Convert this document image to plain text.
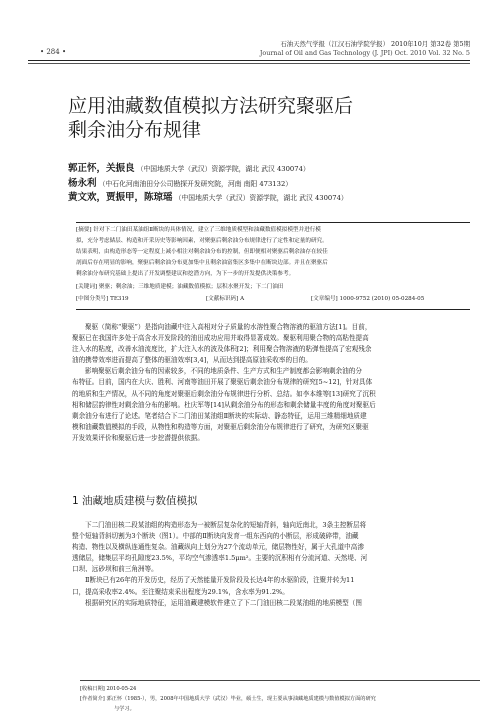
• 284 •
石油天然气学报（江汉石油学院学报） 2010年10月 第32卷 第5期
Journal of Oil and Gas Technology (J. JPI) Oct. 2010 Vol. 32 No. 5
应用油藏数值模拟方法研究聚驱后
剩余油分布规律
郭正怀，关振良 （中国地质大学（武汉）资源学院，湖北 武汉 430074）
杨永利 （中石化河南油田分公司勘探开发研究院，河南 南阳 473132）
黄文欢，贾振甲，陈琼瑶 （中国地质大学（武汉）资源学院，湖北 武汉 430074）
[摘要] 针对下二门油田某油组Ⅱ断块的具体情况，建立了三维地质模型和油藏数值模拟模型并进行模
拟，充分考虑储层、构造和开采历史等影响因素，对聚驱后剩余油分布规律进行了定性和定量的研究。
结果表明，由构造形态等一定程度上减小相注对剩余油分布的控制，但即便相对聚驱后剩余油存在较佳
剖面后存在明显的影响，聚驱后剩余油分布更加集中且剩余油富集区多集中在断块边部。并且在聚驱后
剩余油分布研究基础上提出了开发调整建议和挖潜方向，为下一步的开发提供决策参考。
[关键词] 聚驱；剩余油；三维地质建模；油藏数值模拟；层积水聚开发；下二门油田
[中图分类号] TE319	[文献标识码] A	[文章编号] 1000-9752 (2010) 05-0284-05
聚驱（简称“聚驱”）是指向油藏中注入高相对分子质量的水溶性聚合物溶液的驱油方法[1]。目前，
聚驱已在我国许多处于高含水开发阶段的油田成功应用并取得显著成效。聚驱利用聚合物的高粘性提高
注入水的粘度，改善水油流度比，扩大注入水的波及体积[2]；利用聚合物溶液的粘弹性提高了宏观残余
油的携带效率进而提高了整体的驱油效率[3,4]，从而达到提高原油采收率的目的。
影响聚驱后剩余油分布的因素较多，不同的地质条件、生产方式和生产制度都会影响剩余油的分
布特征。目前，国内在大庆、胜利、河南等油田开展了聚驱后剩余油分布规律的研究[5~12]，针对具体
的地质和生产情况，从不同的角度对聚驱后剩余油分布规律进行分析、总结。如李本维等[13]研究了沉积
相和储层韵律性对剩余油分布的影响。杜庆军等[14]从剩余油分布的形态和剩余储量丰度的角度对聚驱后
剩余油分布进行了论述。笔者结合下二门油田某油组Ⅱ断块的实际动、静态特征，运用三维精细地质建
模和油藏数值模拟的手段，从物性和构造等方面，对聚驱后剩余油分布规律进行了研究，为研究区聚驱
开发效果评价和聚驱后进一步挖潜提供依据。
1 油藏地质建模与数值模拟
下二门油田核二段某油组的构造形态为一被断层复杂化的短轴背斜，轴向近南北，3条主控断层将
整个短轴背斜切割为3个断块（图1）。中部的Ⅱ断块向发育一组东西向的小断层，形成破碎带，油藏
构造、物性以及横纵连通性复杂。油藏纵向上划分为27个流动单元，储层物性好，属于大孔道中高渗
透储层，储集层平均孔隙度23.5%，平均空气渗透率1.5μm²。主要的沉积相有分流河道、天然堤、河
口坝、远砂坝和前三角洲等。
Ⅱ断块已有26年的开发历史，经历了天然能量开发阶段及长达4年的水驱阶段，注聚并转为11
口，提高采收率2.4%。至注聚结束采出程度为29.1%，含水率为91.2%。
根据研究区的实际地质特征，运用油藏建模软件建立了下二门油田核二段某油组的地质模型（图
[收稿日期] 2010-05-24
[作者简介] 郭正怀（1985-），男，2008年中国地质大学（武汉）毕业，硕士生，现主要从事油藏地质建模与数值模拟方面的研究
与学习。
